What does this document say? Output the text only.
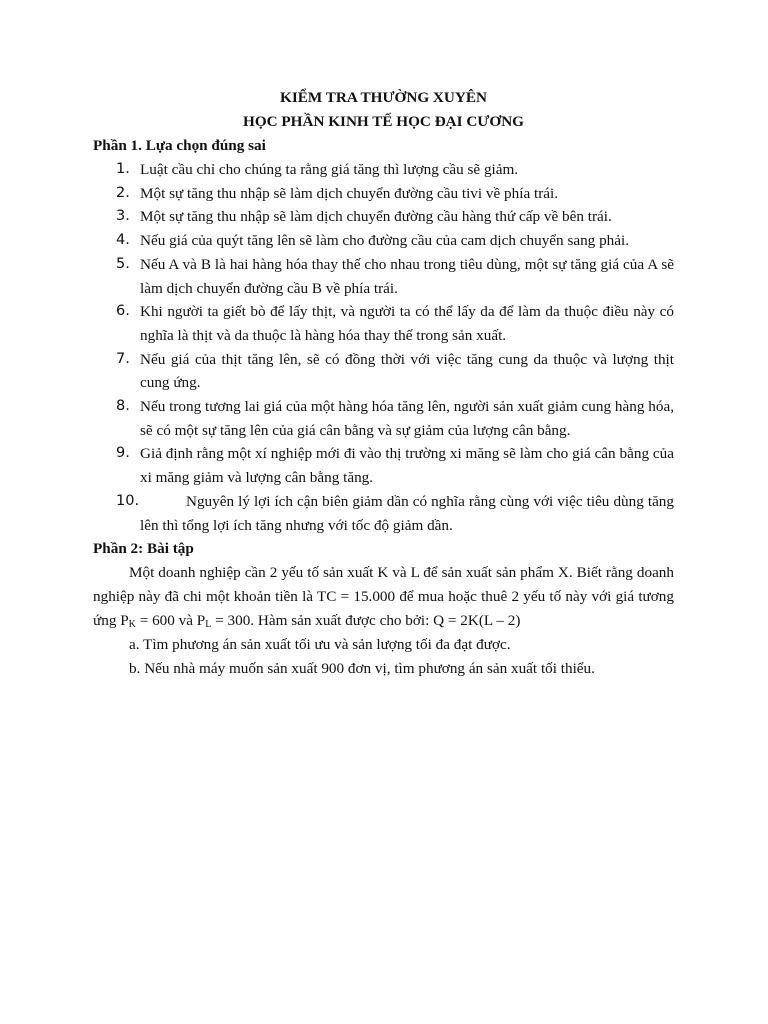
KIỂM TRA THƯỜNG XUYÊN

HỌC PHẦN KINH TẾ HỌC ĐẠI CƯƠNG

Phần 1. Lựa chọn đúng sai

1. Luật cầu chỉ cho chúng ta rằng giá tăng thì lượng cầu sẽ giảm.
2. Một sự tăng thu nhập sẽ làm dịch chuyển đường cầu tivi về phía trái.
3. Một sự tăng thu nhập sẽ làm dịch chuyển đường cầu hàng thứ cấp về bên trái.
4. Nếu giá của quýt tăng lên sẽ làm cho đường cầu của cam dịch chuyển sang phải.
5. Nếu A và B là hai hàng hóa thay thế cho nhau trong tiêu dùng, một sự tăng giá của A sẽ làm dịch chuyển đường cầu B về phía trái.
6. Khi người ta giết bò để lấy thịt, và người ta có thể lấy da để làm da thuộc điều này có nghĩa là thịt và da thuộc là hàng hóa thay thế trong sản xuất.
7. Nếu giá của thịt tăng lên, sẽ có đồng thời với việc tăng cung da thuộc và lượng thịt cung ứng.
8. Nếu trong tương lai giá của một hàng hóa tăng lên, người sản xuất giảm cung hàng hóa, sẽ có một sự tăng lên của giá cân bằng và sự giảm của lượng cân bằng.
9. Giả định rằng một xí nghiệp mới đi vào thị trường xi măng sẽ làm cho giá cân bằng của xi măng giảm và lượng cân bằng tăng.
10.	Nguyên lý lợi ích cận biên giảm dần có nghĩa rằng cùng với việc tiêu dùng tăng lên thì tổng lợi ích tăng nhưng với tốc độ giảm dần.

Phần 2: Bài tập

Một doanh nghiệp cần 2 yếu tố sản xuất K và L để sản xuất sản phẩm X. Biết rằng doanh nghiệp này đã chi một khoản tiền là TC = 15.000 để mua hoặc thuê 2 yếu tố này với giá tương ứng $P_K = 600$ và $P_L = 300$. Hàm sản xuất được cho bởi: Q = 2K(L – 2)

a. Tìm phương án sản xuất tối ưu và sản lượng tối đa đạt được.

b. Nếu nhà máy muốn sản xuất 900 đơn vị, tìm phương án sản xuất tối thiểu.
